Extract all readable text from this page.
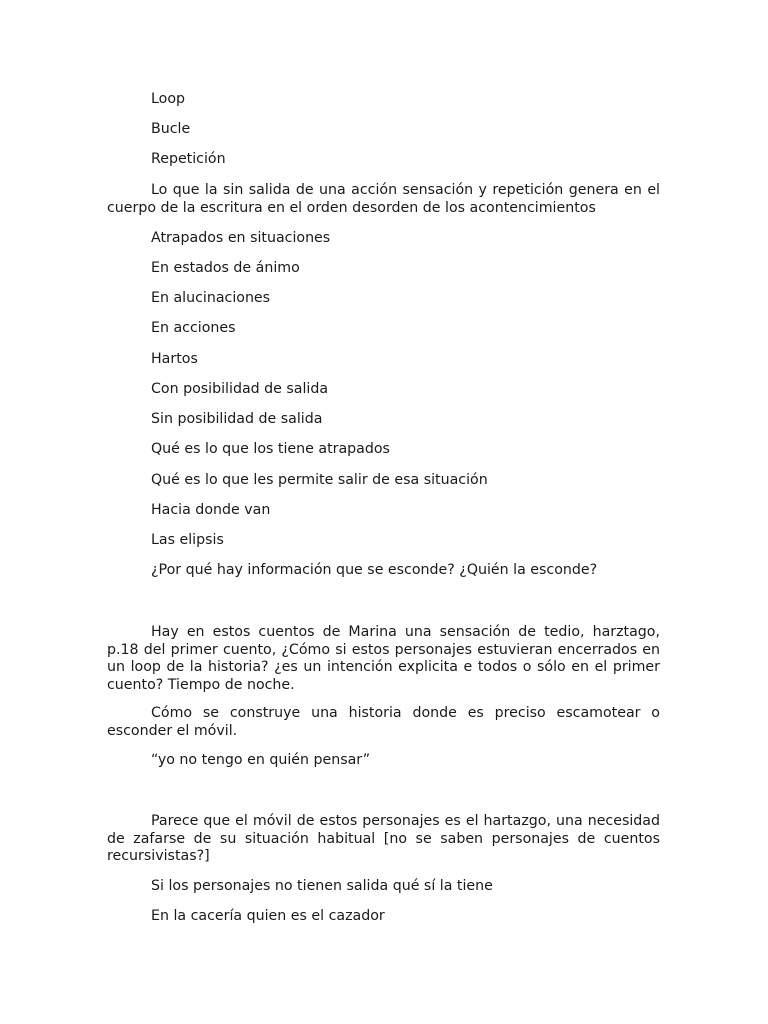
Loop

Bucle

Repetición

Lo que la sin salida de una acción sensación y repetición genera en el cuerpo de la escritura en el orden desorden de los acontencimientos

Atrapados en situaciones

En estados de ánimo

En alucinaciones

En acciones

Hartos

Con posibilidad de salida

Sin posibilidad de salida

Qué es lo que los tiene atrapados

Qué es lo que les permite salir de esa situación

Hacia donde van

Las elipsis

¿Por qué hay información que se esconde? ¿Quién la esconde?

Hay en estos cuentos de Marina una sensación de tedio, harztago, p.18 del primer cuento, ¿Cómo si estos personajes estuvieran encerrados en un loop de la historia? ¿es un intención explicita e todos o sólo en el primer cuento? Tiempo de noche.

Cómo se construye una historia donde es preciso escamotear o esconder el móvil.

“yo no tengo en quién pensar”

Parece que el móvil de estos personajes es el hartazgo, una necesidad de zafarse de su situación habitual [no se saben personajes de cuentos recursivistas?]

Si los personajes no tienen salida qué sí la tiene

En la cacería quien es el cazador
